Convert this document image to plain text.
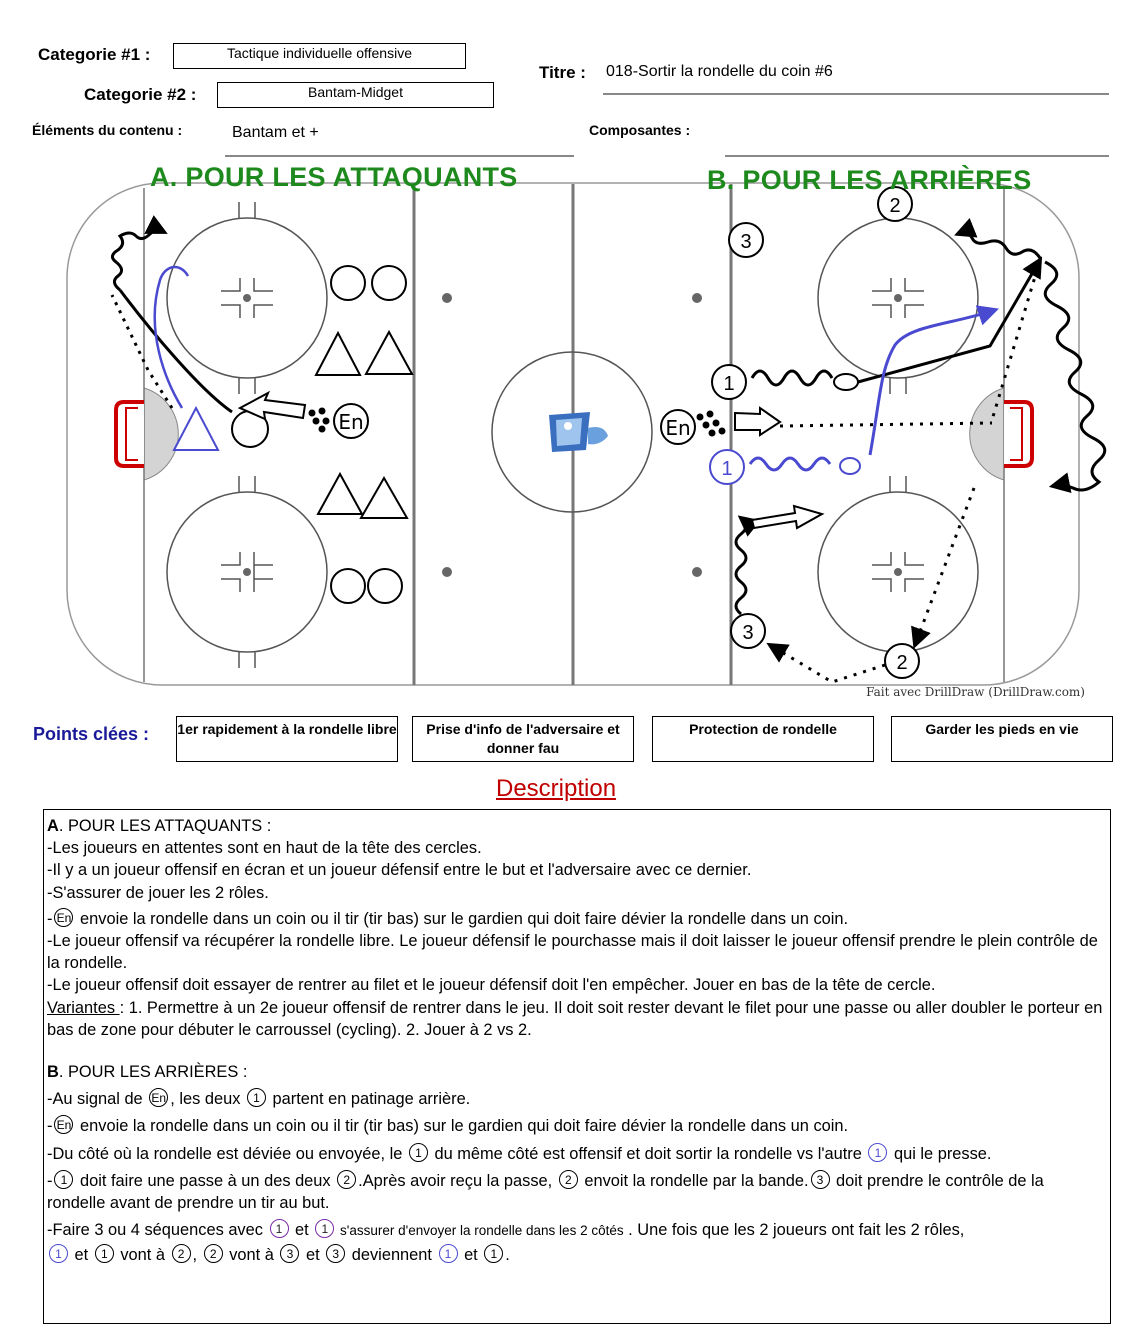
Categorie #1 :	Tactique individuelle offensive
Categorie #2 :	Bantam-Midget
Titre : 018-Sortir la rondelle du coin #6
Éléments du contenu :	Bantam et +	Composantes :
En	En
1
1
2
3
2
3
Fait avec DrillDraw (DrillDraw.com)
A. POUR LES ATTAQUANTS	B. POUR LES ARRIÈRES
Points clées : 1er rapidement à la rondelle libre	Prise d'info de l'adversaire et donner fau
Protection de rondelle	Garder les pieds en vie
Description

A. POUR LES ATTAQUANTS :

-Les joueurs en attentes sont en haut de la tête des cercles.

-Il y a un joueur offensif en écran et un joueur défensif entre le but et l'adversaire avec ce dernier.

-S'assurer de jouer les 2 rôles.

- En envoie la rondelle dans un coin ou il tir (tir bas) sur le gardien qui doit faire dévier la rondelle dans un coin.

-Le joueur offensif va récupérer la rondelle libre. Le joueur défensif le pourchasse mais il doit laisser le joueur offensif prendre le plein contrôle de la rondelle.

-Le joueur offensif doit essayer de rentrer au filet et le joueur défensif doit l'en empêcher. Jouer en bas de la tête de cercle.

Variantes : 1. Permettre à un 2e joueur offensif de rentrer dans le jeu. Il doit soit rester devant le filet pour une passe ou aller doubler le porteur en bas de zone pour débuter le carroussel (cycling). 2. Jouer à 2 vs 2.

B. POUR LES ARRIÈRES :

-Au signal de En , les deux 1 partent en patinage arrière.

- En envoie la rondelle dans un coin ou il tir (tir bas) sur le gardien qui doit faire dévier la rondelle dans un coin.

-Du côté où la rondelle est déviée ou envoyée, le 1 du même côté est offensif et doit sortir la rondelle vs l'autre 1 qui le presse.

- 1 doit faire une passe à un des deux 2 .Après avoir reçu la passe, 2 envoit la rondelle par la bande. 3 doit prendre le contrôle de la rondelle avant de prendre un tir au but.

-Faire 3 ou 4 séquences avec 1 et 1 s'assurer d'envoyer la rondelle dans les 2 côtés . Une fois que les 2 joueurs ont fait les 2 rôles,

1 et 1 vont à 2 , 2 vont à 3 et 3 deviennent 1 et 1 .
